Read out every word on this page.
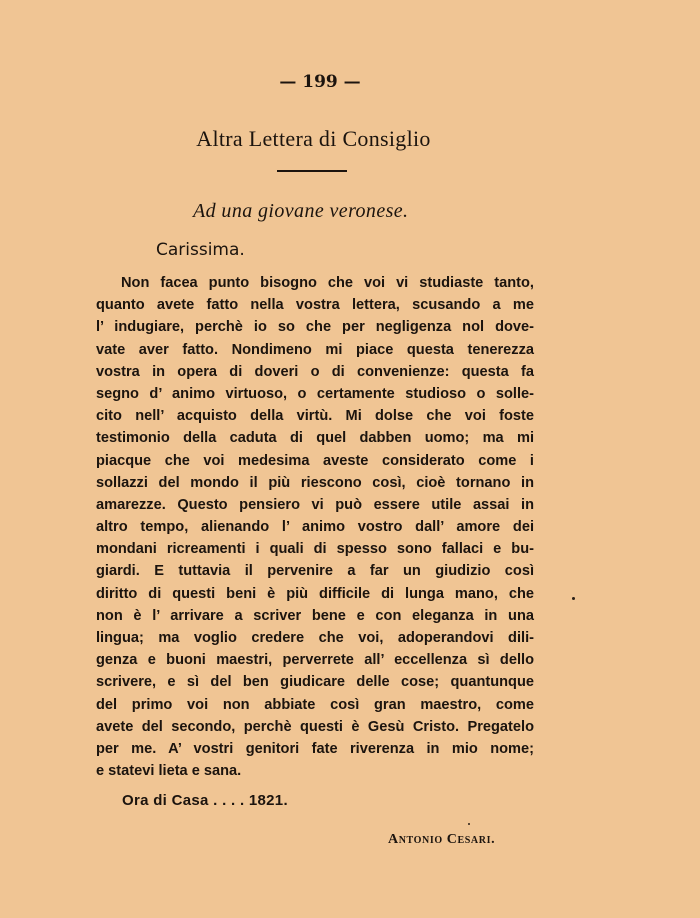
— 199 —
Altra Lettera di Consiglio
Ad una giovane veronese.
Carissima.
Non facea punto bisogno che voi vi studiaste tanto,
quanto avete fatto nella vostra lettera, scusando a me
l’ indugiare, perchè io so che per negligenza nol dove-
vate aver fatto. Nondimeno mi piace questa tenerezza
vostra in opera di doveri o di convenienze: questa fa
segno d’ animo virtuoso, o certamente studioso o solle-
cito nell’ acquisto della virtù. Mi dolse che voi foste
testimonio della caduta di quel dabben uomo; ma mi
piacque che voi medesima aveste considerato come i
sollazzi del mondo il più riescono così, cioè tornano in
amarezze. Questo pensiero vi può essere utile assai in
altro tempo, alienando l’ animo vostro dall’ amore dei
mondani ricreamenti i quali di spesso sono fallaci e bu-
giardi. E tuttavia il pervenire a far un giudizio così
diritto di questi beni è più difficile di lunga mano, che
non è l’ arrivare a scriver bene e con eleganza in una
lingua; ma voglio credere che voi, adoperandovi dili-
genza e buoni maestri, perverrete all’ eccellenza sì dello
scrivere, e sì del ben giudicare delle cose; quantunque
del primo voi non abbiate così gran maestro, come
avete del secondo, perchè questi è Gesù Cristo. Pregatelo
per me. A’ vostri genitori fate riverenza in mio nome;
e statevi lieta e sana.
Ora di Casa . . . . 1821.
Antonio Cesari.
